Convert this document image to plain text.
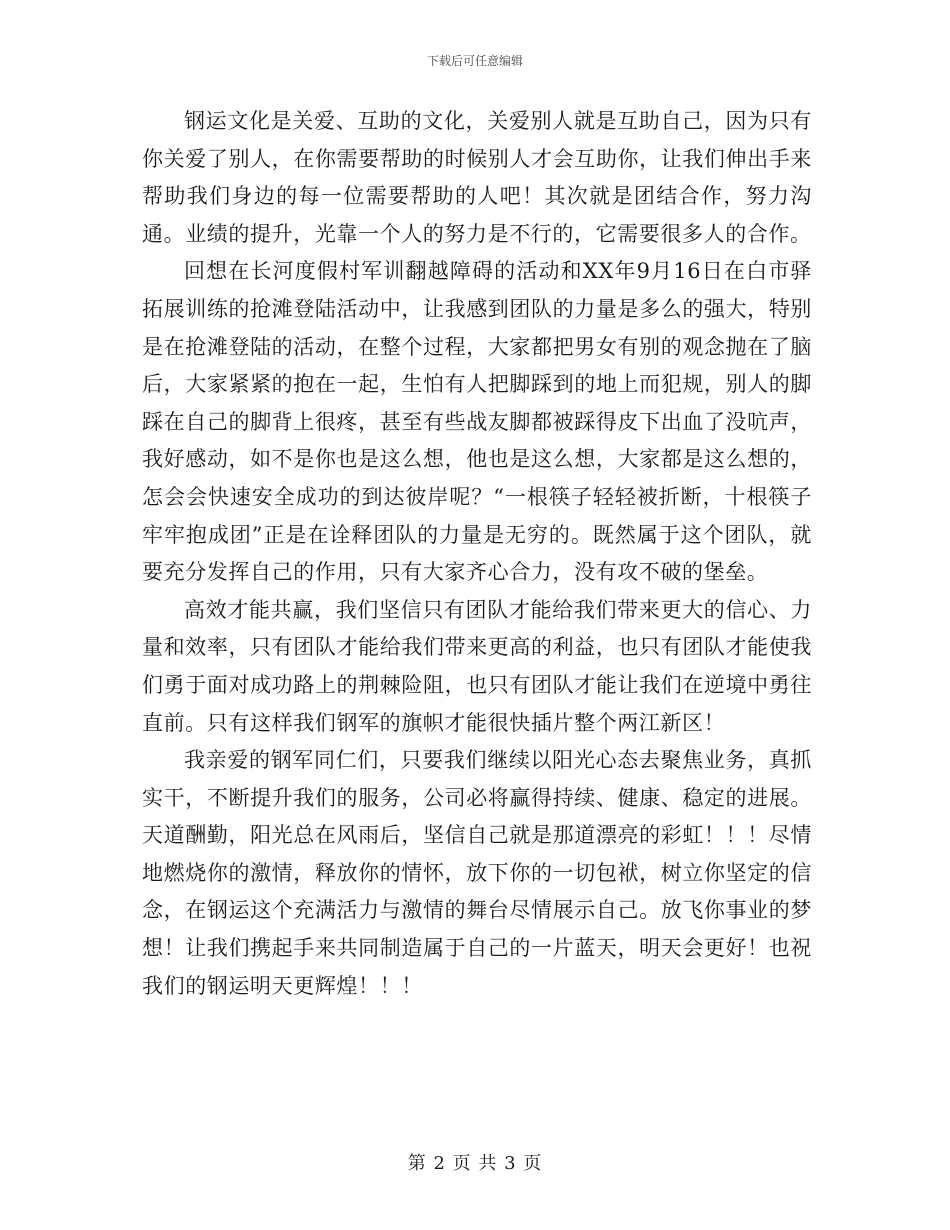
下载后可任意编辑

钢运文化是关爱、互助的文化，关爱别人就是互助自己，因为只有你关爱了别人，在你需要帮助的时候别人才会互助你，让我们伸出手来帮助我们身边的每一位需要帮助的人吧！其次就是团结合作，努力沟通。业绩的提升，光靠一个人的努力是不行的，它需要很多人的合作。

回想在长河度假村军训翻越障碍的活动和XX年9月16日在白市驿拓展训练的抢滩登陆活动中，让我感到团队的力量是多么的强大，特别是在抢滩登陆的活动，在整个过程，大家都把男女有别的观念抛在了脑后，大家紧紧的抱在一起，生怕有人把脚踩到的地上而犯规，别人的脚踩在自己的脚背上很疼，甚至有些战友脚都被踩得皮下出血了没吭声，我好感动，如不是你也是这么想，他也是这么想，大家都是这么想的，怎会会快速安全成功的到达彼岸呢？“一根筷子轻轻被折断，十根筷子牢牢抱成团”正是在诠释团队的力量是无穷的。既然属于这个团队，就要充分发挥自己的作用，只有大家齐心合力，没有攻不破的堡垒。

高效才能共赢，我们坚信只有团队才能给我们带来更大的信心、力量和效率，只有团队才能给我们带来更高的利益，也只有团队才能使我们勇于面对成功路上的荆棘险阻，也只有团队才能让我们在逆境中勇往直前。只有这样我们钢军的旗帜才能很快插片整个两江新区！

我亲爱的钢军同仁们，只要我们继续以阳光心态去聚焦业务，真抓实干，不断提升我们的服务，公司必将赢得持续、健康、稳定的进展。天道酬勤，阳光总在风雨后，坚信自己就是那道漂亮的彩虹！！！尽情地燃烧你的激情，释放你的情怀，放下你的一切包袱，树立你坚定的信念，在钢运这个充满活力与激情的舞台尽情展示自己。放飞你事业的梦想！让我们携起手来共同制造属于自己的一片蓝天，明天会更好！也祝我们的钢运明天更辉煌！！！

第 2 页 共 3 页
